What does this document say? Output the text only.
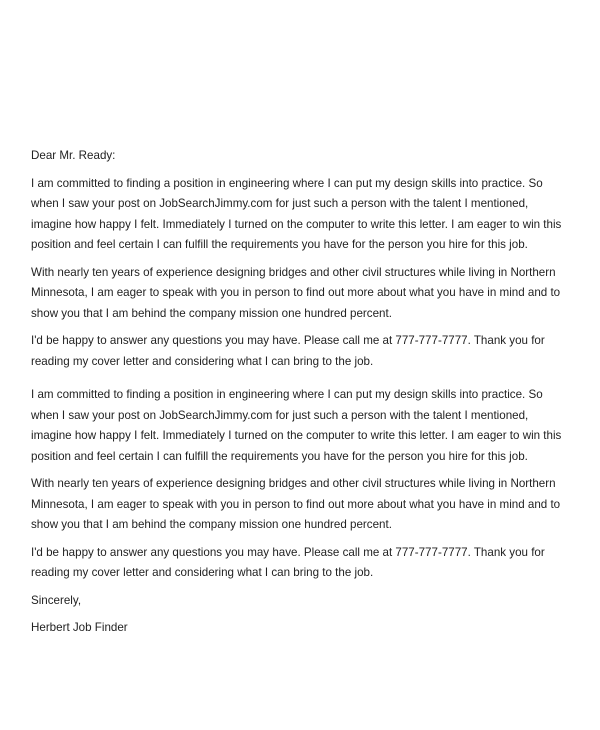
Dear Mr. Ready:

I am committed to finding a position in engineering where I can put my design skills into practice. So
when I saw your post on JobSearchJimmy.com for just such a person with the talent I mentioned,
imagine how happy I felt. Immediately I turned on the computer to write this letter. I am eager to win this
position and feel certain I can fulfill the requirements you have for the person you hire for this job.

With nearly ten years of experience designing bridges and other civil structures while living in Northern
Minnesota, I am eager to speak with you in person to find out more about what you have in mind and to
show you that I am behind the company mission one hundred percent.

I'd be happy to answer any questions you may have. Please call me at 777-777-7777. Thank you for
reading my cover letter and considering what I can bring to the job.

I am committed to finding a position in engineering where I can put my design skills into practice. So
when I saw your post on JobSearchJimmy.com for just such a person with the talent I mentioned,
imagine how happy I felt. Immediately I turned on the computer to write this letter. I am eager to win this
position and feel certain I can fulfill the requirements you have for the person you hire for this job.

With nearly ten years of experience designing bridges and other civil structures while living in Northern
Minnesota, I am eager to speak with you in person to find out more about what you have in mind and to
show you that I am behind the company mission one hundred percent.

I'd be happy to answer any questions you may have. Please call me at 777-777-7777. Thank you for
reading my cover letter and considering what I can bring to the job.

Sincerely,

Herbert Job Finder
